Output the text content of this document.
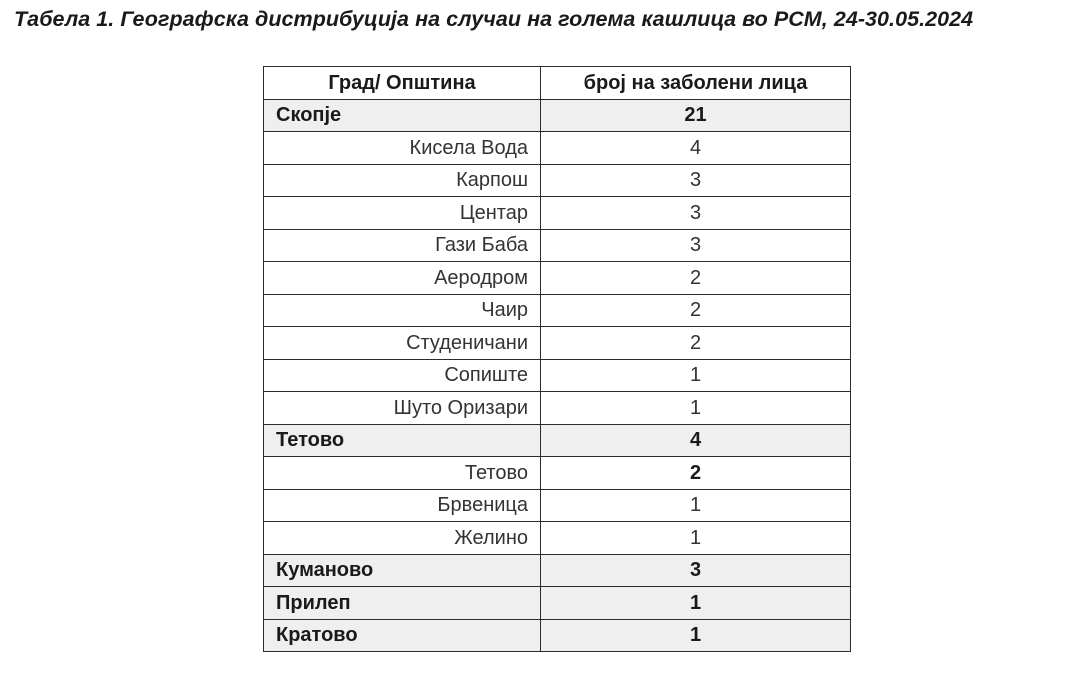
Табела 1. Географска дистрибуција на случаи на голема кашлица во РСМ, 24-30.05.2024
Град/ Општина	број на заболени лица
Скопје	21
Кисела Вода	4
Карпош	3
Центар	3
Гази Баба	3
Аеродром	2
Чаир	2
Студеничани	2
Сопиште	1
Шуто Оризари	1
Тетово	4
Тетово	2
Брвеница	1
Желино	1
Куманово	3
Прилеп	1
Кратово	1
